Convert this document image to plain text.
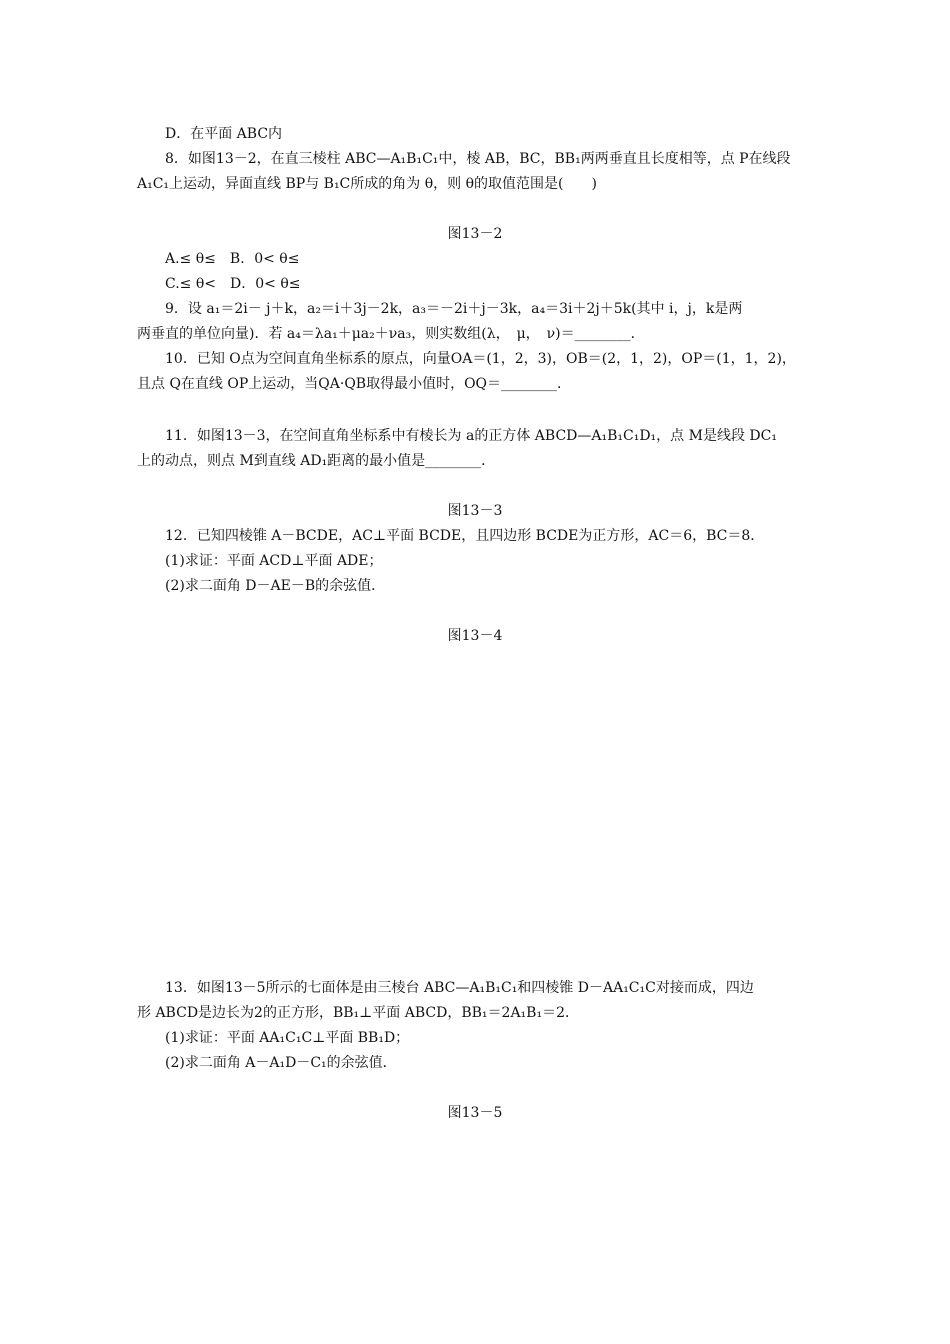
D．在平面 ABC内
8．如图13－2，在直三棱柱 ABC—A₁B₁C₁中，棱 AB，BC，BB₁两两垂直且长度相等，点 P在线段
A₁C₁上运动，异面直线 BP与 B₁C所成的角为 θ，则 θ的取值范围是(　　)
图13－2
A.≤ θ≤　B．0< θ≤
C.≤ θ<　D．0< θ≤
9．设 a₁＝2i－ j＋k，a₂＝i＋3j－2k，a₃＝－2i＋j－3k，a₄＝3i＋2j＋5k(其中 i，j，k是两
两垂直的单位向量)．若 a₄＝λa₁＋μa₂＋νa₃，则实数组(λ，　μ，　ν)＝________．
10．已知 O点为空间直角坐标系的原点，向量OA＝(1，2，3)，OB＝(2，1，2)，OP＝(1，1，2)，
且点 Q在直线 OP上运动，当QA·QB取得最小值时，OQ＝________．
11．如图13－3，在空间直角坐标系中有棱长为 a的正方体 ABCD—A₁B₁C₁D₁，点 M是线段 DC₁
上的动点，则点 M到直线 AD₁距离的最小值是________．
图13－3
12．已知四棱锥 A－BCDE，AC⊥平面 BCDE，且四边形 BCDE为正方形，AC＝6，BC＝8．
(1)求证：平面 ACD⊥平面 ADE；
(2)求二面角 D－AE－B的余弦值．
图13－4
13．如图13－5所示的七面体是由三棱台 ABC—A₁B₁C₁和四棱锥 D－AA₁C₁C对接而成，四边
形 ABCD是边长为2的正方形，BB₁⊥平面 ABCD，BB₁＝2A₁B₁＝2．
(1)求证：平面 AA₁C₁C⊥平面 BB₁D；
(2)求二面角 A－A₁D－C₁的余弦值．
图13－5
